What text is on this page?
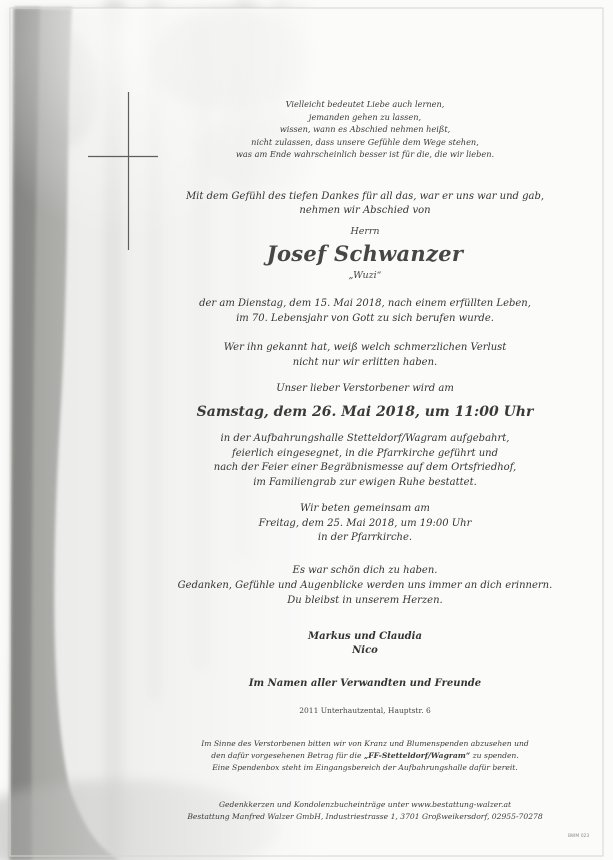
Vielleicht bedeutet Liebe auch lernen,
jemanden gehen zu lassen,
wissen, wann es Abschied nehmen heißt,
nicht zulassen, dass unsere Gefühle dem Wege stehen,
was am Ende wahrscheinlich besser ist für die, die wir lieben.
Mit dem Gefühl des tiefen Dankes für all das, war er uns war und gab,
nehmen wir Abschied von
Herrn
Josef Schwanzer
„Wuzi“
der am Dienstag, dem 15. Mai 2018, nach einem erfüllten Leben,
im 70. Lebensjahr von Gott zu sich berufen wurde.
Wer ihn gekannt hat, weiß welch schmerzlichen Verlust
nicht nur wir erlitten haben.
Unser lieber Verstorbener wird am
Samstag, dem 26. Mai 2018, um 11:00 Uhr
in der Aufbahrungshalle Stetteldorf/Wagram aufgebahrt,
feierlich eingesegnet, in die Pfarrkirche geführt und
nach der Feier einer Begräbnismesse auf dem Ortsfriedhof,
im Familiengrab zur ewigen Ruhe bestattet.
Wir beten gemeinsam am
Freitag, dem 25. Mai 2018, um 19:00 Uhr
in der Pfarrkirche.
Es war schön dich zu haben.
Gedanken, Gefühle und Augenblicke werden uns immer an dich erinnern.
Du bleibst in unserem Herzen.
Markus und Claudia
Nico
Im Namen aller Verwandten und Freunde
2011 Unterhautzental, Hauptstr. 6
Im Sinne des Verstorbenen bitten wir von Kranz und Blumenspenden abzusehen und
den dafür vorgesehenen Betrag für die „FF-Stetteldorf/Wagram“ zu spenden.
Eine Spendenbox steht im Eingangsbereich der Aufbahrungshalle dafür bereit.
Gedenkkerzen und Kondolenzbucheinträge unter www.bestattung-walzer.at
Bestattung Manfred Walzer GmbH, Industriestrasse 1, 3701 Großweikersdorf, 02955-70278
BWM 023
